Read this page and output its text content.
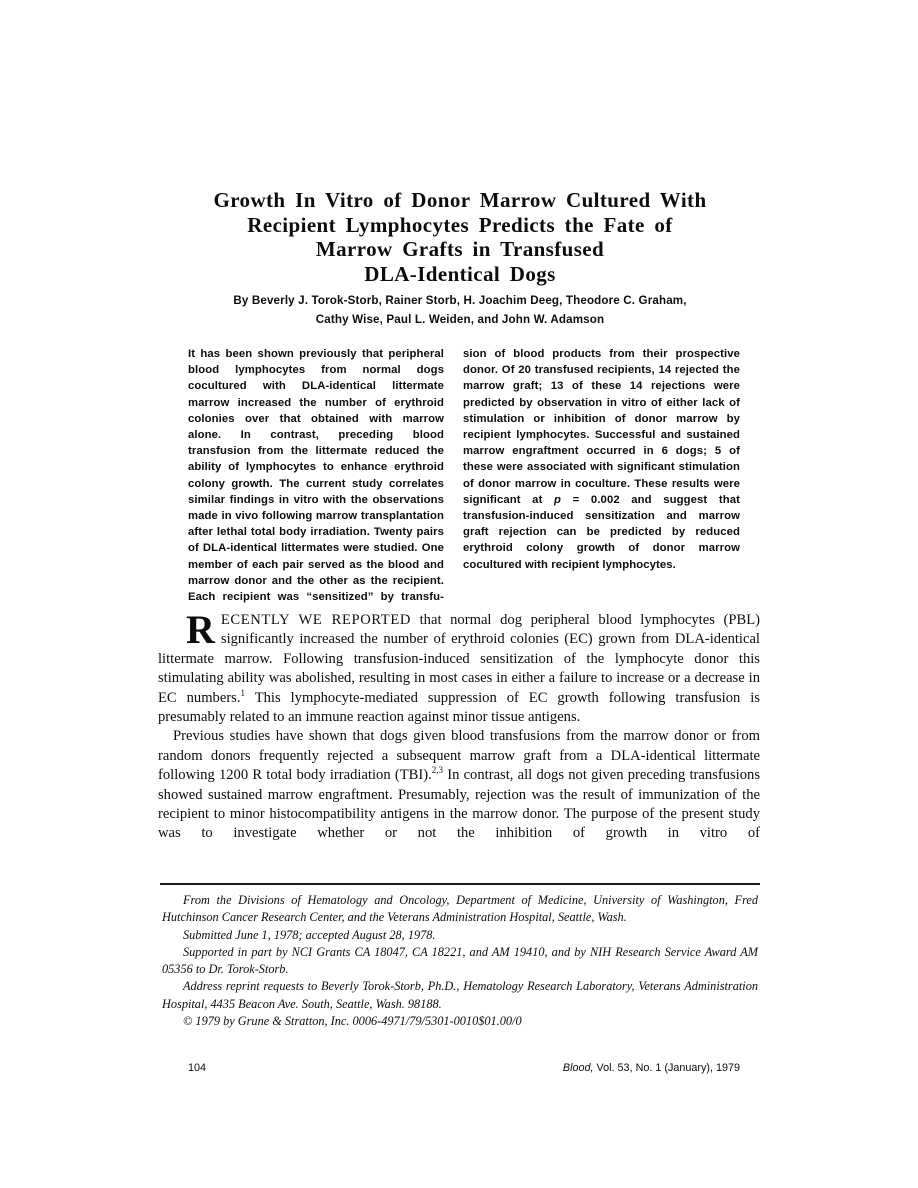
Growth In Vitro of Donor Marrow Cultured With
Recipient Lymphocytes Predicts the Fate of
Marrow Grafts in Transfused
DLA-Identical Dogs
By Beverly J. Torok-Storb, Rainer Storb, H. Joachim Deeg, Theodore C. Graham,
Cathy Wise, Paul L. Weiden, and John W. Adamson
It has been shown previously that peripheral blood lymphocytes from normal dogs cocultured with DLA-identical littermate marrow increased the number of erythroid colonies over that obtained with marrow alone. In contrast, preceding blood transfusion from the littermate reduced the ability of lymphocytes to enhance erythroid colony growth. The current study correlates similar findings in vitro with the observations made in vivo following marrow transplantation after lethal total body irradiation. Twenty pairs of DLA-identical littermates were studied. One member of each pair served as the blood and marrow donor and the other as the recipient. Each recipient was “sensitized” by transfu-
sion of blood products from their prospective donor. Of 20 transfused recipients, 14 rejected the marrow graft; 13 of these 14 rejections were predicted by observation in vitro of either lack of stimulation or inhibition of donor marrow by recipient lymphocytes. Successful and sustained marrow engraftment occurred in 6 dogs; 5 of these were associated with significant stimulation of donor marrow in coculture. These results were significant at p = 0.002 and suggest that transfusion-induced sensitization and marrow graft rejection can be predicted by reduced erythroid colony growth of donor marrow cocultured with recipient lymphocytes.

RECENTLY WE REPORTED that normal dog peripheral blood lymphocytes (PBL) significantly increased the number of erythroid colonies (EC) grown from DLA-identical littermate marrow. Following transfusion-induced sensitization of the lymphocyte donor this stimulating ability was abolished, resulting in most cases in either a failure to increase or a decrease in EC numbers.$^1$ This lymphocyte-mediated suppression of EC growth following transfusion is presumably related to an immune reaction against minor tissue antigens.

Previous studies have shown that dogs given blood transfusions from the marrow donor or from random donors frequently rejected a subsequent marrow graft from a DLA-identical littermate following 1200 R total body irradiation (TBI).$^{2,3}$ In contrast, all dogs not given preceding transfusions showed sustained marrow engraftment. Presumably, rejection was the result of immunization of the recipient to minor histocompatibility antigens in the marrow donor. The purpose of the present study was to investigate whether or not the inhibition of growth in vitro of

From the Divisions of Hematology and Oncology, Department of Medicine, University of Washington, Fred Hutchinson Cancer Research Center, and the Veterans Administration Hospital, Seattle, Wash.

Submitted June 1, 1978; accepted August 28, 1978.

Supported in part by NCI Grants CA 18047, CA 18221, and AM 19410, and by NIH Research Service Award AM 05356 to Dr. Torok-Storb.

Address reprint requests to Beverly Torok-Storb, Ph.D., Hematology Research Laboratory, Veterans Administration Hospital, 4435 Beacon Ave. South, Seattle, Wash. 98188.

© 1979 by Grune & Stratton, Inc. 0006-4971/79/5301-0010$01.00/0

104	Blood, Vol. 53, No. 1 (January), 1979
